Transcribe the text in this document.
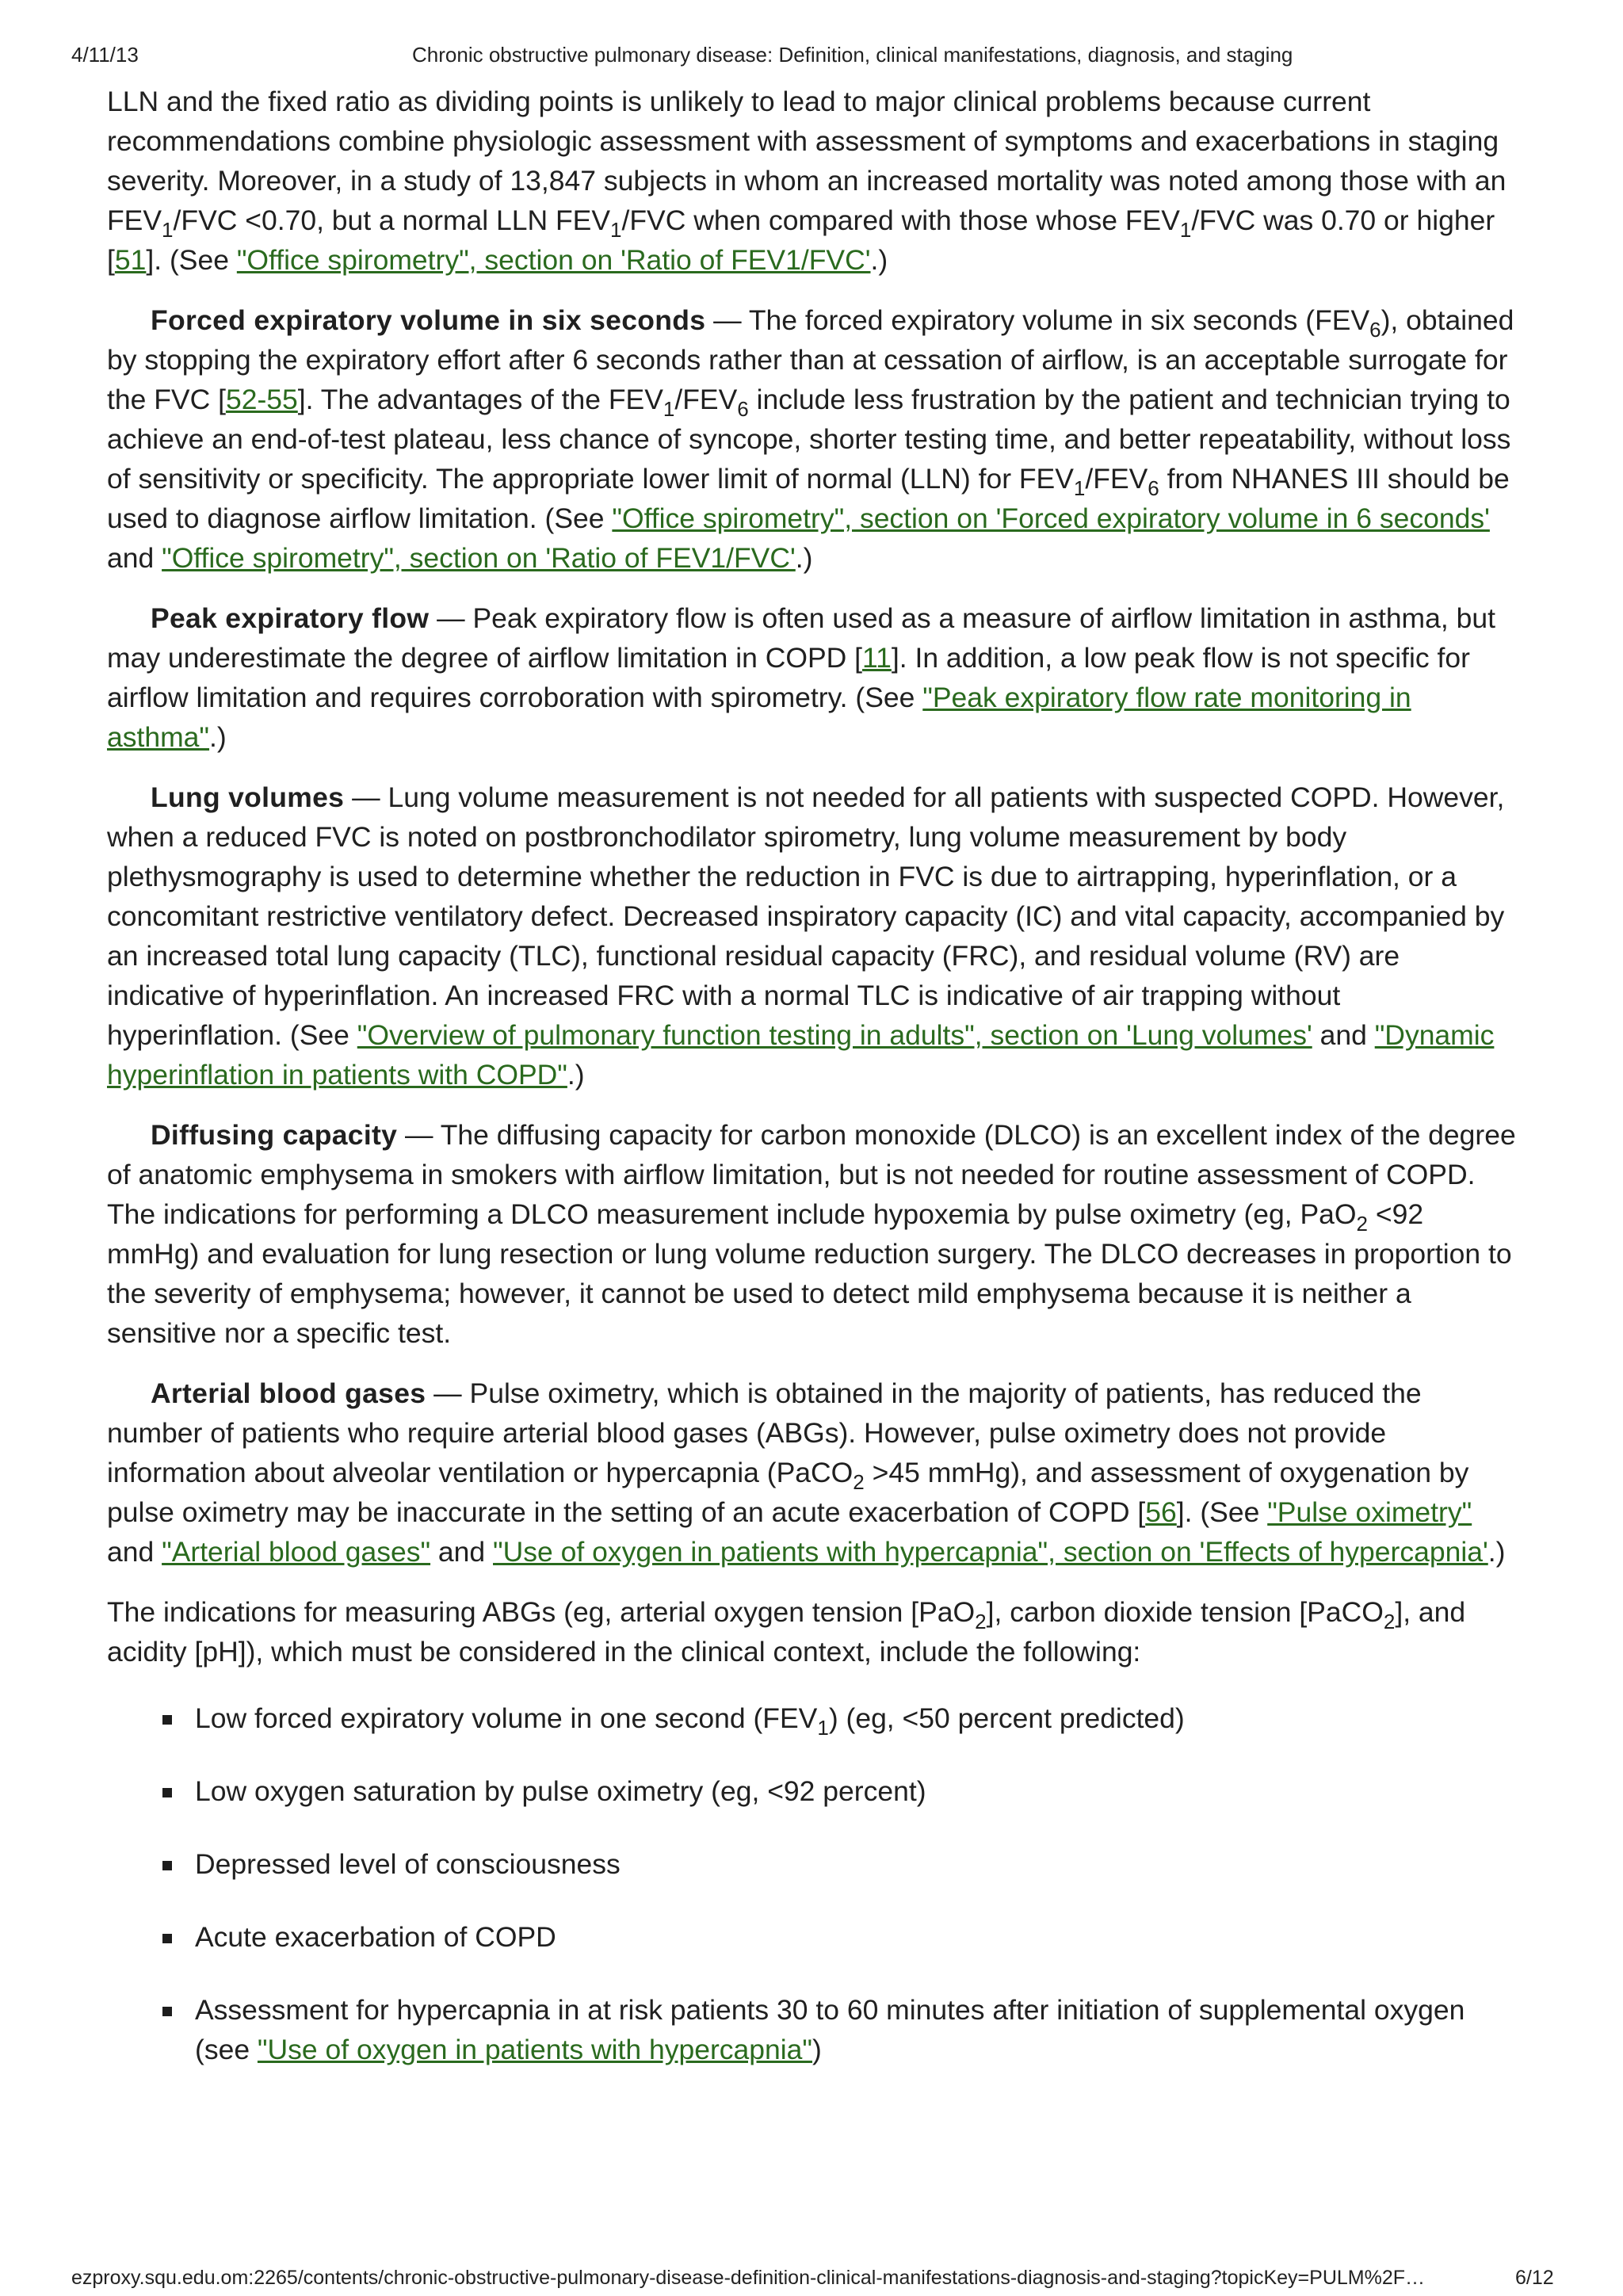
4/11/13	Chronic obstructive pulmonary disease: Definition, clinical manifestations, diagnosis, and staging

LLN and the fixed ratio as dividing points is unlikely to lead to major clinical problems because current recommendations combine physiologic assessment with assessment of symptoms and exacerbations in staging severity. Moreover, in a study of 13,847 subjects in whom an increased mortality was noted among those with an $FEV_1$/FVC <0.70, but a normal LLN $FEV_1$/FVC when compared with those whose $FEV_1$/FVC was 0.70 or higher [51]. (See "Office spirometry", section on 'Ratio of FEV1/FVC'.)

Forced expiratory volume in six seconds — The forced expiratory volume in six seconds $(FEV_6)$, obtained by stopping the expiratory effort after 6 seconds rather than at cessation of airflow, is an acceptable surrogate for the FVC [52-55]. The advantages of the $FEV_1/FEV_6$ include less frustration by the patient and technician trying to achieve an end-of-test plateau, less chance of syncope, shorter testing time, and better repeatability, without loss of sensitivity or specificity. The appropriate lower limit of normal (LLN) for $FEV_1/FEV_6$ from NHANES III should be used to diagnose airflow limitation. (See "Office spirometry", section on 'Forced expiratory volume in 6 seconds' and "Office spirometry", section on 'Ratio of FEV1/FVC'.)

Peak expiratory flow — Peak expiratory flow is often used as a measure of airflow limitation in asthma, but may underestimate the degree of airflow limitation in COPD [11]. In addition, a low peak flow is not specific for airflow limitation and requires corroboration with spirometry. (See "Peak expiratory flow rate monitoring in asthma".)

Lung volumes — Lung volume measurement is not needed for all patients with suspected COPD. However, when a reduced FVC is noted on postbronchodilator spirometry, lung volume measurement by body plethysmography is used to determine whether the reduction in FVC is due to airtrapping, hyperinflation, or a concomitant restrictive ventilatory defect. Decreased inspiratory capacity (IC) and vital capacity, accompanied by an increased total lung capacity (TLC), functional residual capacity (FRC), and residual volume (RV) are indicative of hyperinflation. An increased FRC with a normal TLC is indicative of air trapping without hyperinflation. (See "Overview of pulmonary function testing in adults", section on 'Lung volumes' and "Dynamic hyperinflation in patients with COPD".)

Diffusing capacity — The diffusing capacity for carbon monoxide (DLCO) is an excellent index of the degree of anatomic emphysema in smokers with airflow limitation, but is not needed for routine assessment of COPD. The indications for performing a DLCO measurement include hypoxemia by pulse oximetry (eg, PaO$_2$ <92 mmHg) and evaluation for lung resection or lung volume reduction surgery. The DLCO decreases in proportion to the severity of emphysema; however, it cannot be used to detect mild emphysema because it is neither a sensitive nor a specific test.

Arterial blood gases — Pulse oximetry, which is obtained in the majority of patients, has reduced the number of patients who require arterial blood gases (ABGs). However, pulse oximetry does not provide information about alveolar ventilation or hypercapnia (PaCO$_2$ >45 mmHg), and assessment of oxygenation by pulse oximetry may be inaccurate in the setting of an acute exacerbation of COPD [56]. (See "Pulse oximetry" and "Arterial blood gases" and "Use of oxygen in patients with hypercapnia", section on 'Effects of hypercapnia'.)

The indications for measuring ABGs (eg, arterial oxygen tension [PaO$_2$], carbon dioxide tension [PaCO$_2$], and acidity [pH]), which must be considered in the clinical context, include the following:

Low forced expiratory volume in one second $(FEV_1)$ (eg, <50 percent predicted)
Low oxygen saturation by pulse oximetry (eg, <92 percent)
Depressed level of consciousness
Acute exacerbation of COPD
Assessment for hypercapnia in at risk patients 30 to 60 minutes after initiation of supplemental oxygen (see "Use of oxygen in patients with hypercapnia")
ezproxy.squ.edu.om:2265/contents/chronic-obstructive-pulmonary-disease-definition-clinical-manifestations-diagnosis-and-staging?topicKey=PULM%2F…	6/12
